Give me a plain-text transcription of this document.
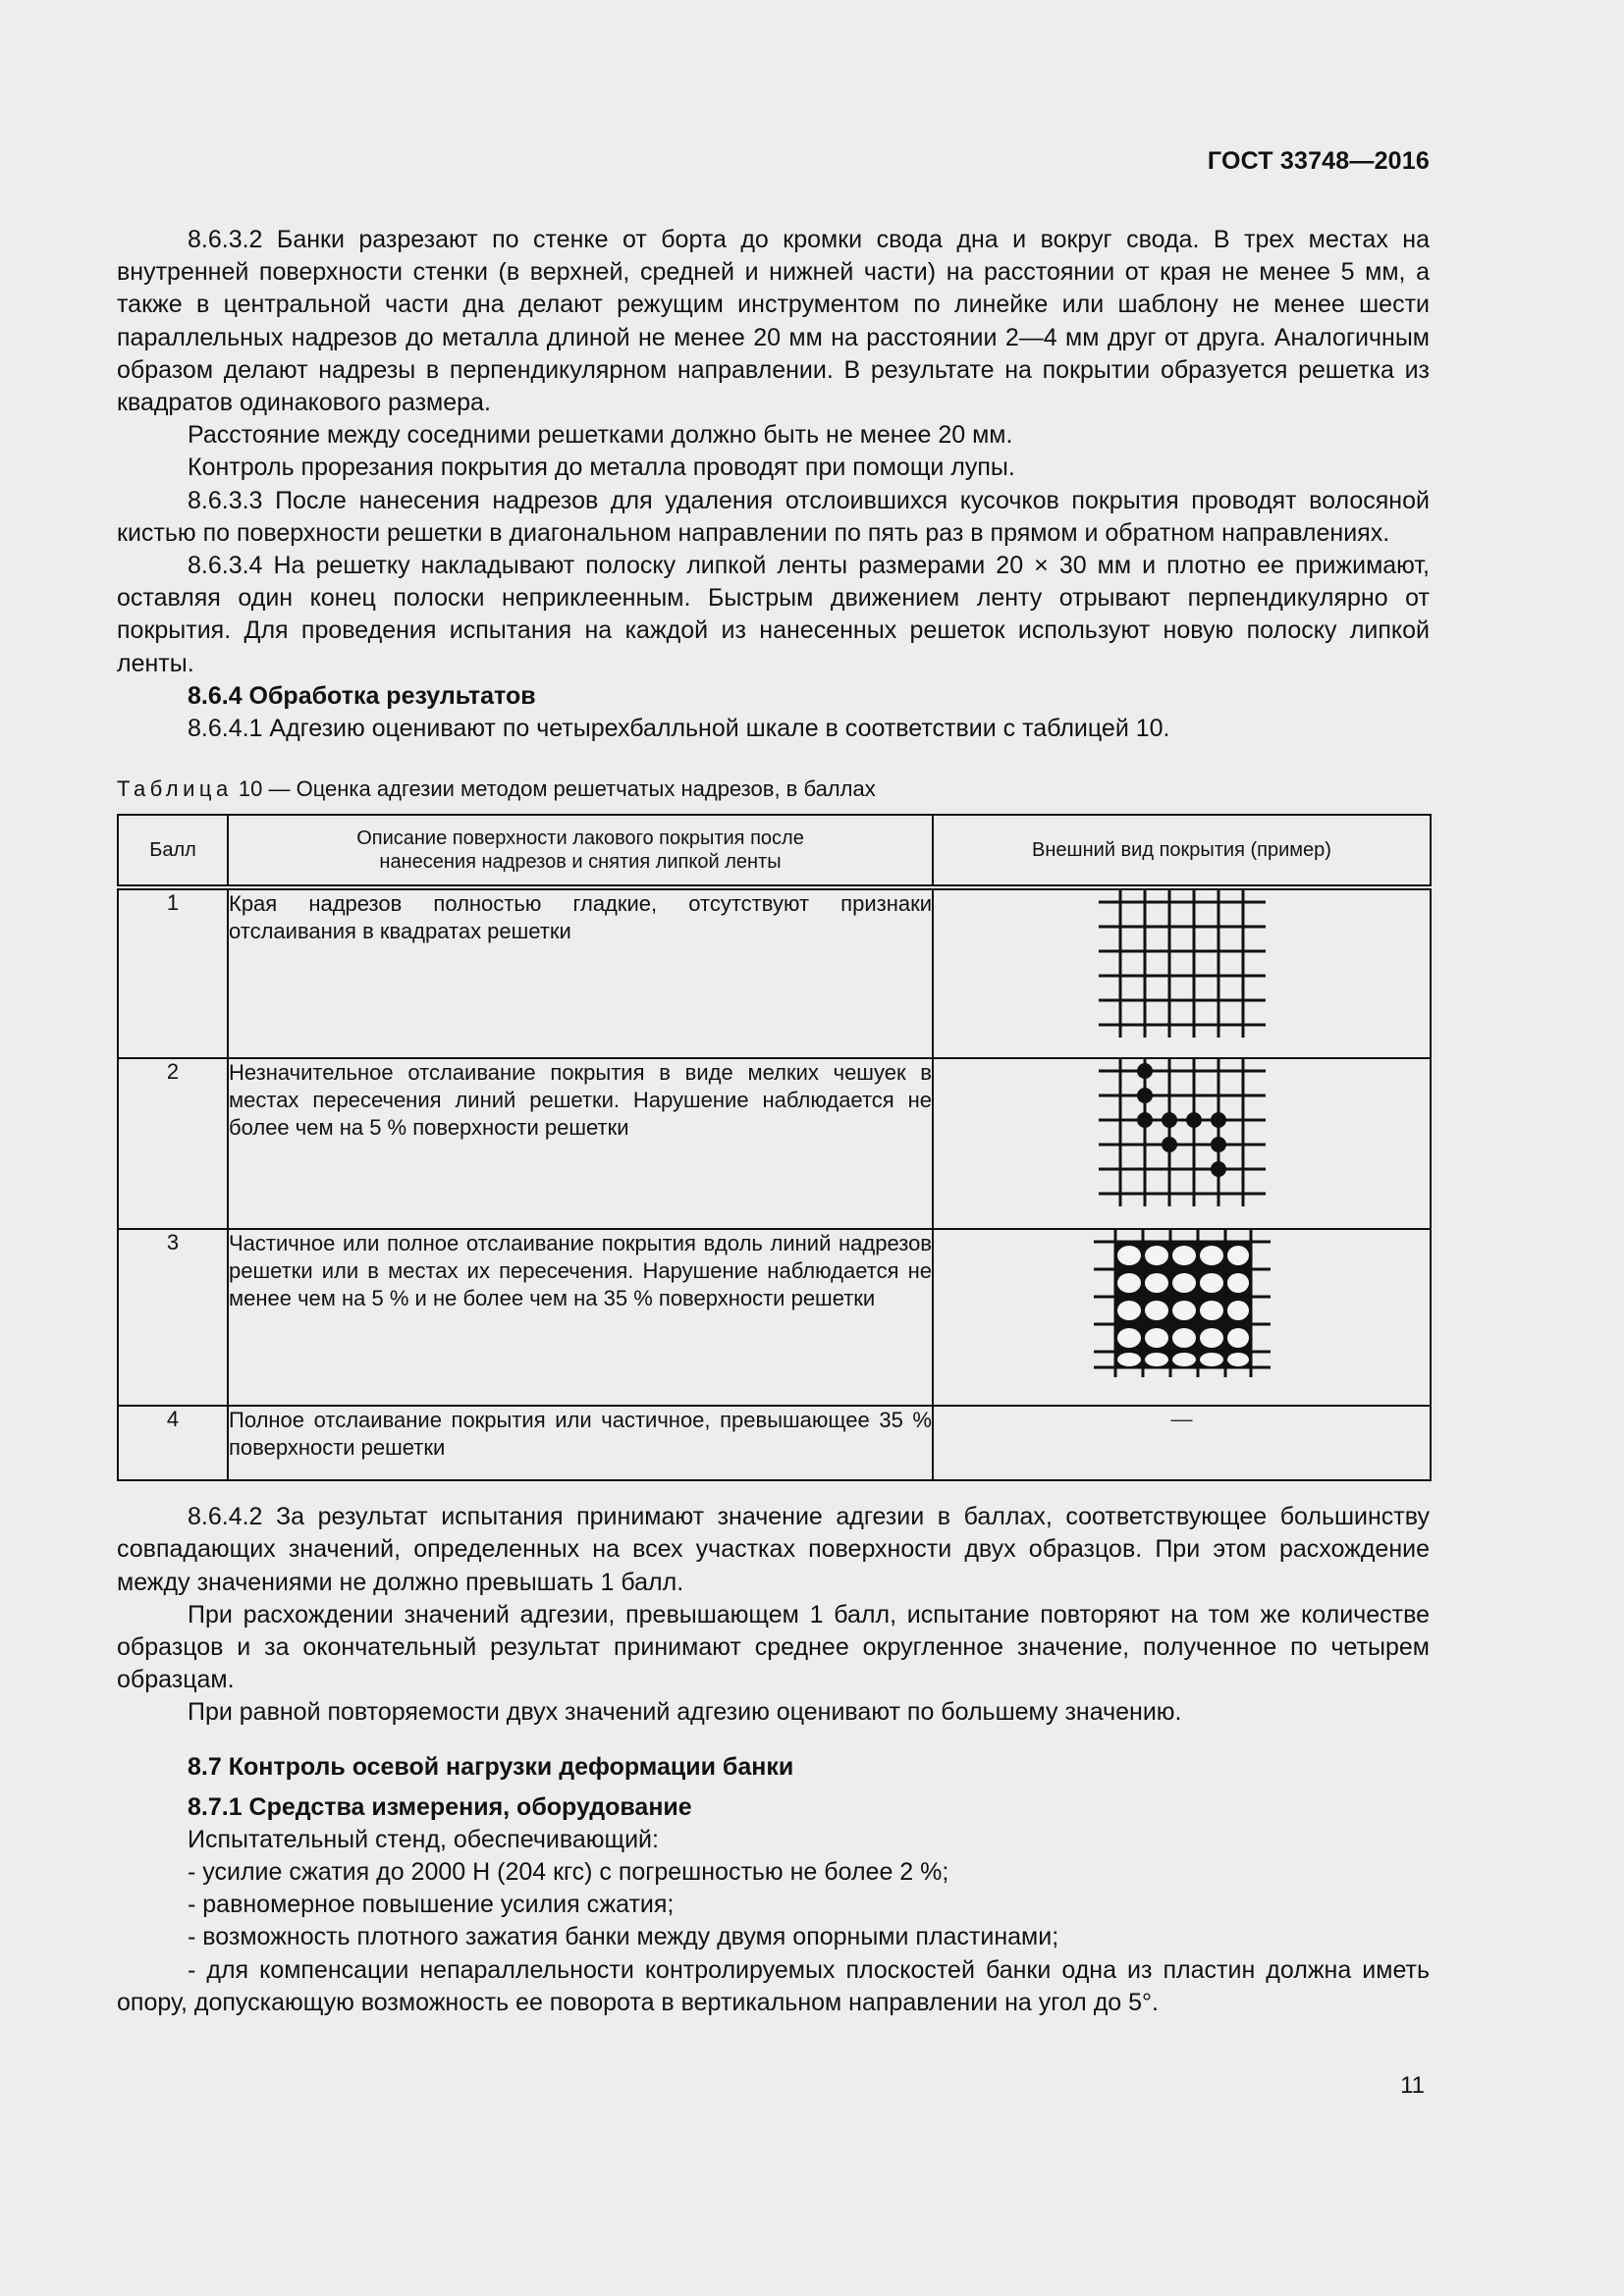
ГОСТ 33748—2016

8.6.3.2 Банки разрезают по стенке от борта до кромки свода дна и вокруг свода. В трех местах на внутренней поверхности стенки (в верхней, средней и нижней части) на расстоянии от края не менее 5 мм, а также в центральной части дна делают режущим инструментом по линейке или шаблону не менее шести параллельных надрезов до металла длиной не менее 20 мм на расстоянии 2—4 мм друг от друга. Аналогичным образом делают надрезы в перпендикулярном направлении. В результате на покрытии образуется решетка из квадратов одинакового размера.

Расстояние между соседними решетками должно быть не менее 20 мм.

Контроль прорезания покрытия до металла проводят при помощи лупы.

8.6.3.3 После нанесения надрезов для удаления отслоившихся кусочков покрытия проводят волосяной кистью по поверхности решетки в диагональном направлении по пять раз в прямом и обратном направлениях.

8.6.3.4 На решетку накладывают полоску липкой ленты размерами 20 × 30 мм и плотно ее прижимают, оставляя один конец полоски неприклеенным. Быстрым движением ленту отрывают перпендикулярно от покрытия. Для проведения испытания на каждой из нанесенных решеток используют новую полоску липкой ленты.

8.6.4 Обработка результатов

8.6.4.1 Адгезию оценивают по четырехбалльной шкале в соответствии с таблицей 10.

Таблица 10 — Оценка адгезии методом решетчатых надрезов, в баллах
Балл	Описание поверхности лакового покрытия после нанесения надрезов и снятия липкой ленты	Внешний вид покрытия (пример)
1	Края надрезов полностью гладкие, отсутствуют признаки отслаивания в квадратах решетки	

2	Незначительное отслаивание покрытия в виде мелких чешуек в местах пересечения линий решетки. Нарушение наблюдается не более чем на 5 % поверхности решетки	

3	Частичное или полное отслаивание покрытия вдоль линий надрезов решетки или в местах их пересечения. Нарушение наблюдается не менее чем на 5 % и не более чем на 35 % поверхности решетки	

4	Полное отслаивание покрытия или частичное, превышающее 35 % поверхности решетки	—

8.6.4.2 За результат испытания принимают значение адгезии в баллах, соответствующее большинству совпадающих значений, определенных на всех участках поверхности двух образцов. При этом расхождение между значениями не должно превышать 1 балл.

При расхождении значений адгезии, превышающем 1 балл, испытание повторяют на том же количестве образцов и за окончательный результат принимают среднее округленное значение, полученное по четырем образцам.

При равной повторяемости двух значений адгезию оценивают по большему значению.

8.7 Контроль осевой нагрузки деформации банки

8.7.1 Средства измерения, оборудование

Испытательный стенд, обеспечивающий:

- усилие сжатия до 2000 Н (204 кгс) с погрешностью не более 2 %;

- равномерное повышение усилия сжатия;

- возможность плотного зажатия банки между двумя опорными пластинами;

- для компенсации непараллельности контролируемых плоскостей банки одна из пластин должна иметь опору, допускающую возможность ее поворота в вертикальном направлении на угол до 5°.

11
